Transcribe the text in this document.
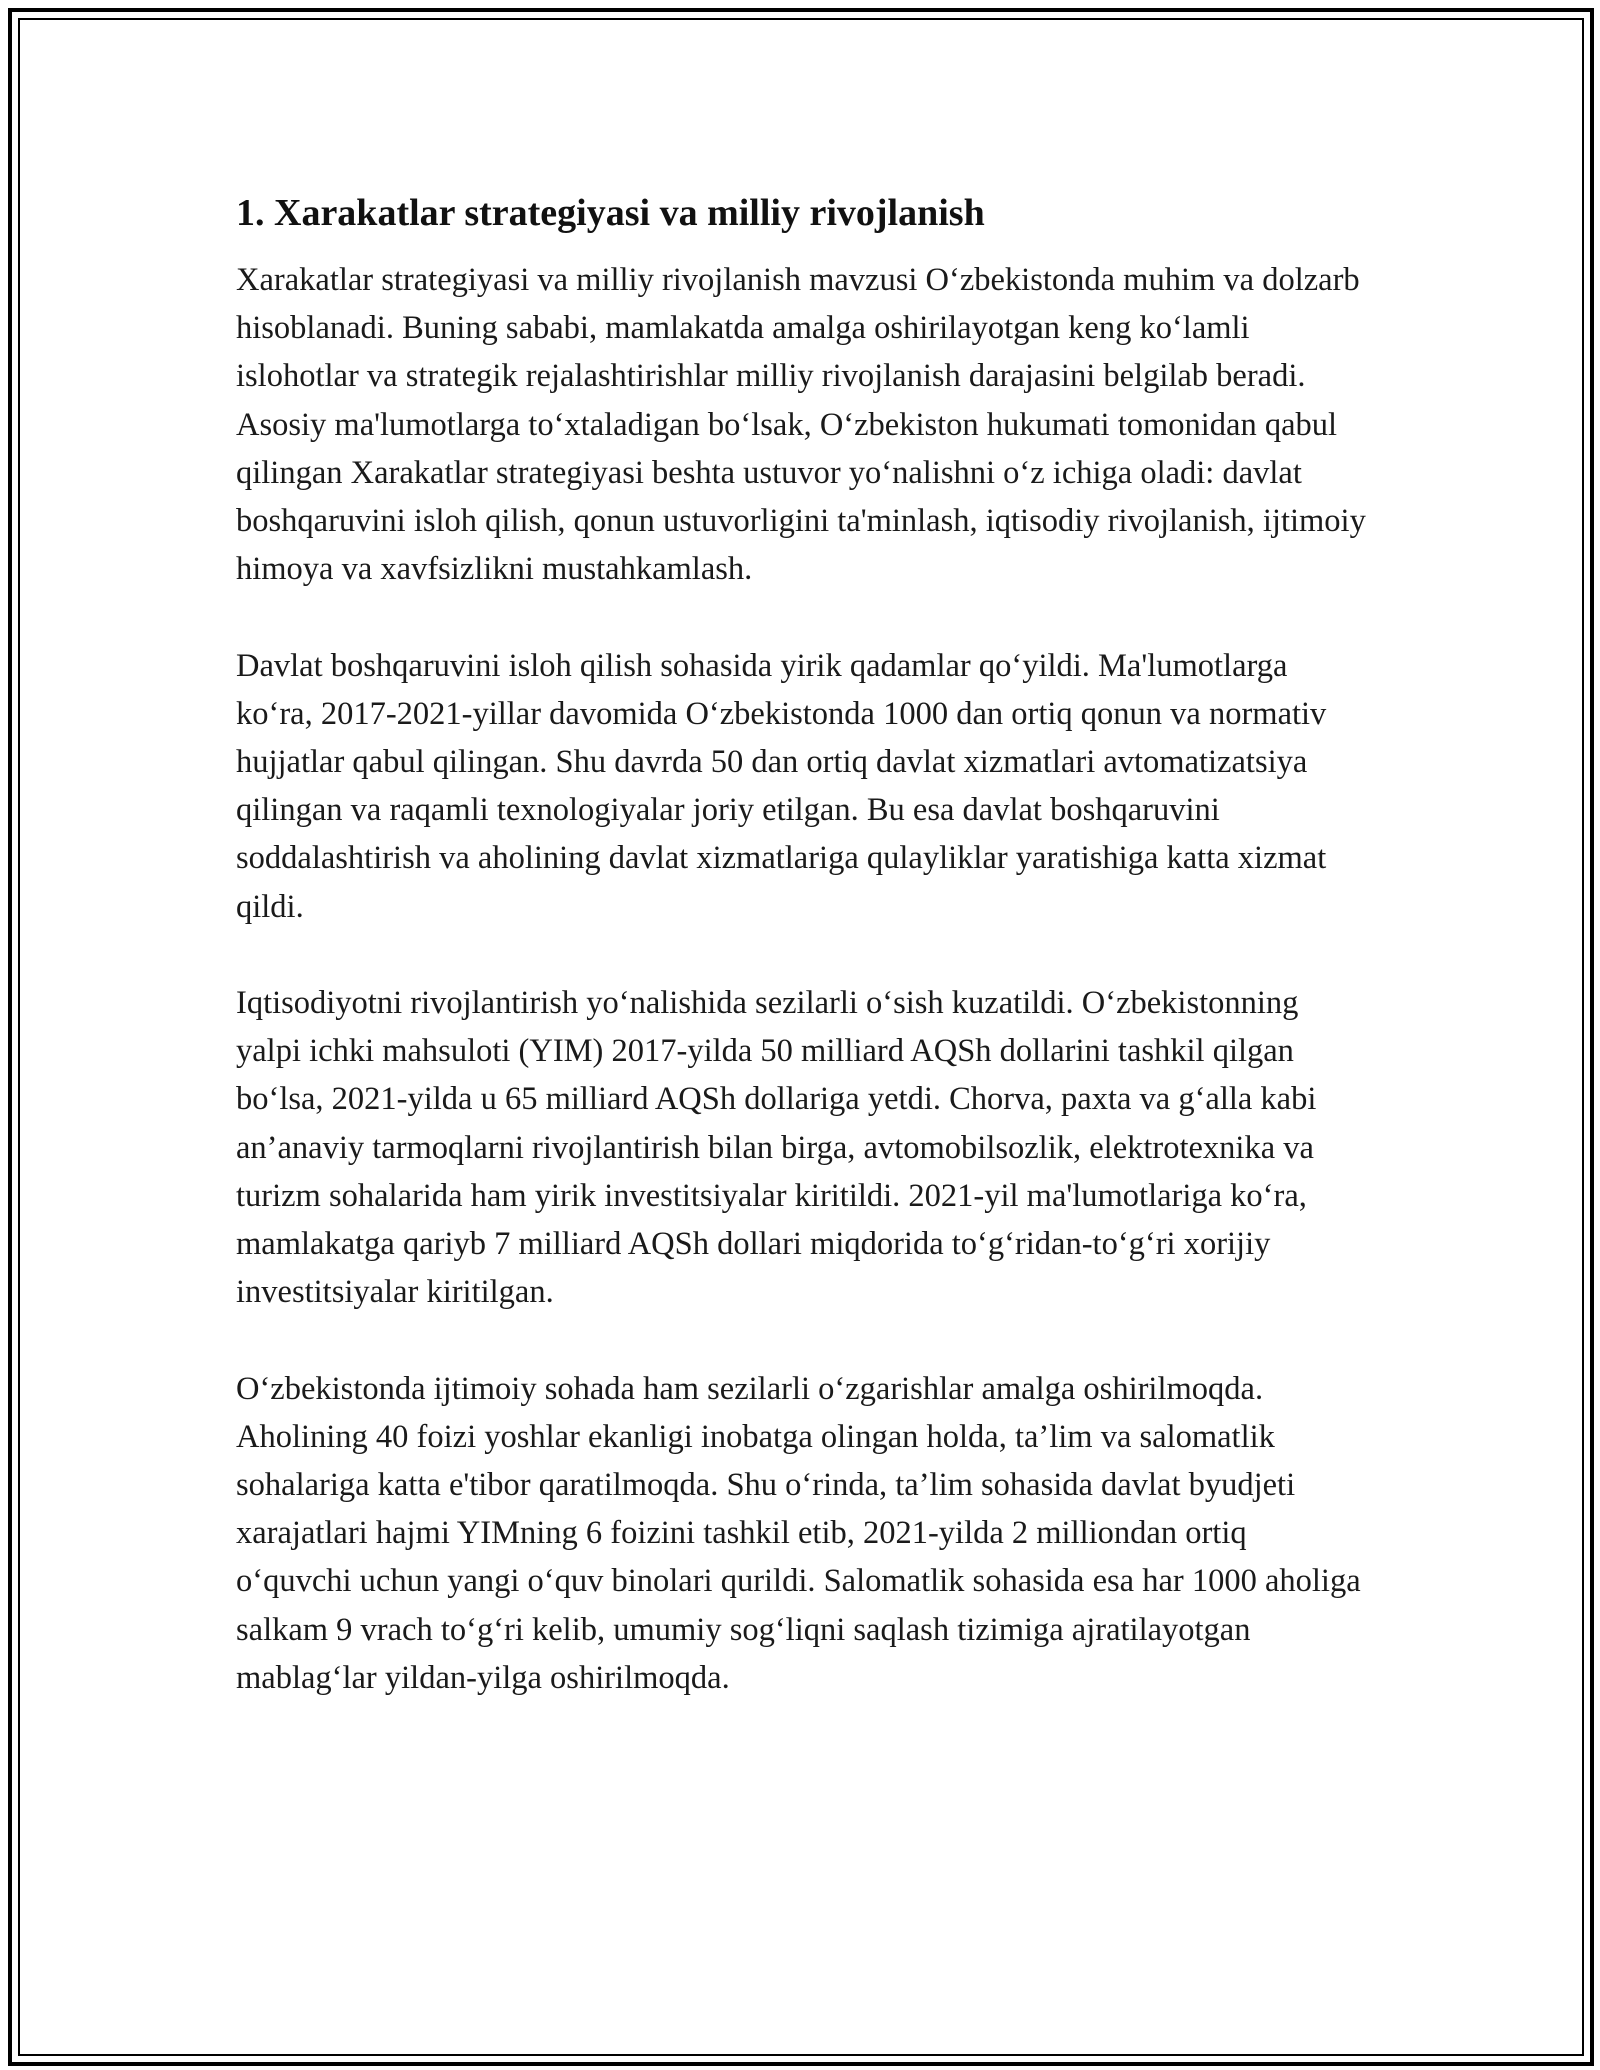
1. Xarakatlar strategiyasi va milliy rivojlanish

Xarakatlar strategiyasi va milliy rivojlanish mavzusi O‘zbekistonda muhim va dolzarb hisoblanadi. Buning sababi, mamlakatda amalga oshirilayotgan keng ko‘lamli islohotlar va strategik rejalashtirishlar milliy rivojlanish darajasini belgilab beradi. Asosiy ma'lumotlarga to‘xtaladigan bo‘lsak, O‘zbekiston hukumati tomonidan qabul qilingan Xarakatlar strategiyasi beshta ustuvor yo‘nalishni o‘z ichiga oladi: davlat boshqaruvini isloh qilish, qonun ustuvorligini ta'minlash, iqtisodiy rivojlanish, ijtimoiy himoya va xavfsizlikni mustahkamlash.

Davlat boshqaruvini isloh qilish sohasida yirik qadamlar qo‘yildi. Ma'lumotlarga ko‘ra, 2017-2021-yillar davomida O‘zbekistonda 1000 dan ortiq qonun va normativ hujjatlar qabul qilingan. Shu davrda 50 dan ortiq davlat xizmatlari avtomatizatsiya qilingan va raqamli texnologiyalar joriy etilgan. Bu esa davlat boshqaruvini soddalashtirish va aholining davlat xizmatlariga qulayliklar yaratishiga katta xizmat qildi.

Iqtisodiyotni rivojlantirish yo‘nalishida sezilarli o‘sish kuzatildi. O‘zbekistonning yalpi ichki mahsuloti (YIM) 2017-yilda 50 milliard AQSh dollarini tashkil qilgan bo‘lsa, 2021-yilda u 65 milliard AQSh dollariga yetdi. Chorva, paxta va g‘alla kabi an’anaviy tarmoqlarni rivojlantirish bilan birga, avtomobilsozlik, elektrotexnika va turizm sohalarida ham yirik investitsiyalar kiritildi. 2021-yil ma'lumotlariga ko‘ra, mamlakatga qariyb 7 milliard AQSh dollari miqdorida to‘g‘ridan-to‘g‘ri xorijiy investitsiyalar kiritilgan.

O‘zbekistonda ijtimoiy sohada ham sezilarli o‘zgarishlar amalga oshirilmoqda. Aholining 40 foizi yoshlar ekanligi inobatga olingan holda, ta’lim va salomatlik sohalariga katta e'tibor qaratilmoqda. Shu o‘rinda, ta’lim sohasida davlat byudjeti xarajatlari hajmi YIMning 6 foizini tashkil etib, 2021-yilda 2 milliondan ortiq o‘quvchi uchun yangi o‘quv binolari qurildi. Salomatlik sohasida esa har 1000 aholiga salkam 9 vrach to‘g‘ri kelib, umumiy sog‘liqni saqlash tizimiga ajratilayotgan mablag‘lar yildan-yilga oshirilmoqda.
